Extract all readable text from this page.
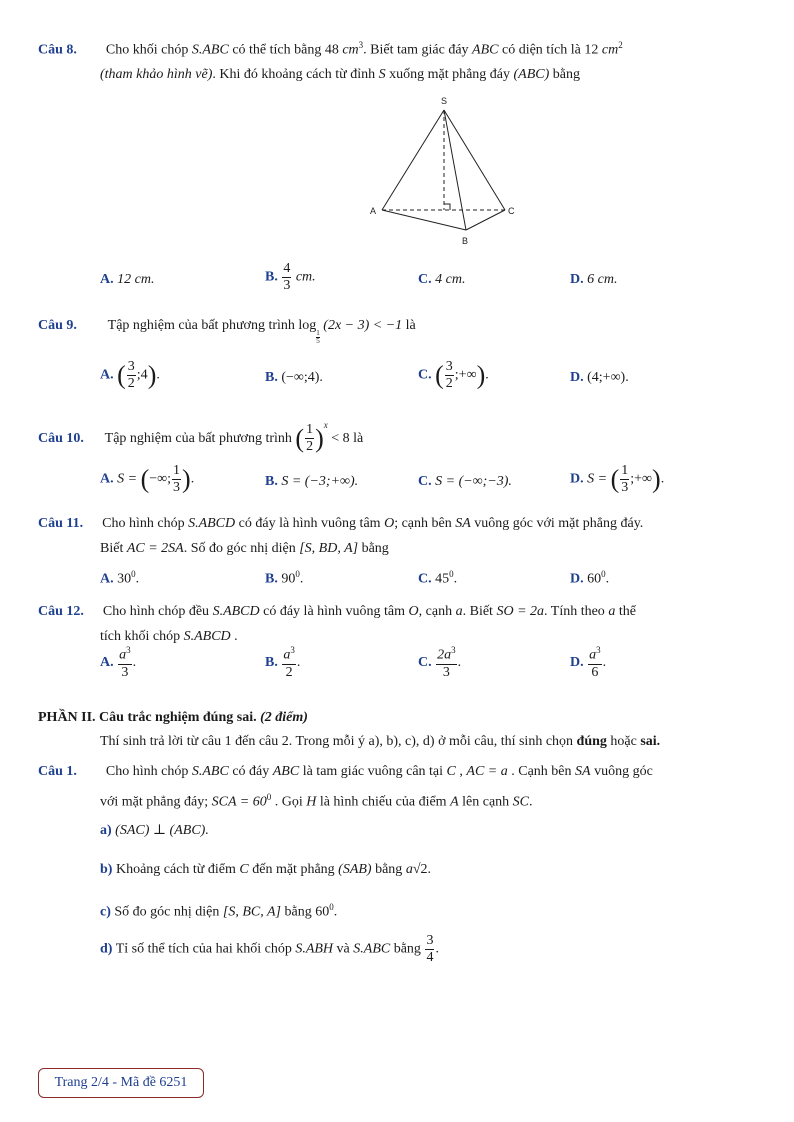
Câu 8. Cho khối chóp S.ABC có thể tích bằng 48 $cm^3$. Biết tam giác đáy ABC có diện tích là 12 $cm^2$
(tham khảo hình vẽ). Khi đó khoảng cách từ đỉnh S xuống mặt phẳng đáy (ABC) bằng
S
A
B
C
A. 12 cm.	B. $\frac{4}{3}$ cm.	C. 4 cm.	D. 6 cm.
Câu 9. Tập nghiệm của bất phương trình log
$\frac{1}{5}$
(2x − 3) < −1 là
A. ( $\frac{3}{2}$ ;4).	B. (−∞;4).	C. ( $\frac{3}{2}$ ;+∞).	D. (4;+∞).
Câu 10. Tập nghiệm của bất phương trình ( $\frac{1}{2} )^x < 8$ là
A. S = (−∞; $\frac{1}{3}$ ).	B. S = (−3;+∞).	C. S = (−∞;−3).	D. S = ( $\frac{1}{3}$ ;+∞).
Câu 11. Cho hình chóp S.ABCD có đáy là hình vuông tâm O; cạnh bên SA vuông góc với mặt phẳng đáy.
Biết AC = 2SA. Số đo góc nhị diện [S, BD, A] bằng
A. $30^0$.	B. $90^0$.	C. $45^0$.	D. $60^0$.
Câu 12. Cho hình chóp đều S.ABCD có đáy là hình vuông tâm O, cạnh a. Biết SO = 2a. Tính theo a thể
tích khối chóp S.ABCD .
A. $\frac{a^3}{3}$ .	B. $\frac{a^3}{2}$ .	C. $\frac{2a^3}{3}$ .	D. $\frac{a^3}{6}$ .
PHẦN II. Câu trắc nghiệm đúng sai. (2 điểm)
Thí sinh trả lời từ câu 1 đến câu 2. Trong mỗi ý a), b), c), d) ở mỗi câu, thí sinh chọn đúng hoặc sai.
Câu 1. Cho hình chóp S.ABC có đáy ABC là tam giác vuông cân tại C , AC = a . Cạnh bên SA vuông góc
với mặt phẳng đáy; SCA = $60^0$ . Gọi H là hình chiếu của điểm A lên cạnh SC.
a) (SAC) ⊥ (ABC).
b) Khoảng cách từ điểm C đến mặt phẳng (SAB) bằng a√2.
c) Số đo góc nhị diện [S, BC, A] bằng $60^0$.
d) Tỉ số thể tích của hai khối chóp S.ABH và S.ABC bằng $\frac{3}{4}$ .
Trang 2/4 - Mã đề 6251
